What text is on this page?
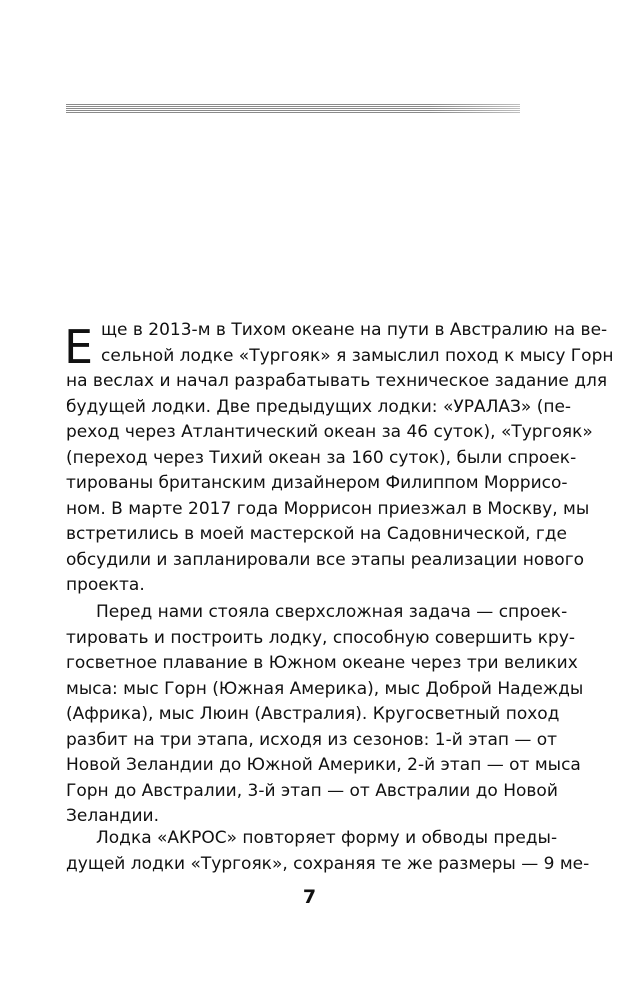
Е ще в 2013-м в Тихом океане на пути в Австралию на ве-
сельной лодке «Тургояк» я замыслил поход к мысу Горн
на веслах и начал разрабатывать техническое задание для
будущей лодки. Две предыдущих лодки: «УРАЛАЗ» (пе-
реход через Атлантический океан за 46 суток), «Тургояк»
(переход через Тихий океан за 160 суток), были спроек-
тированы британским дизайнером Филиппом Моррисо-
ном. В марте 2017 года Моррисон приезжал в Москву, мы
встретились в моей мастерской на Садовнической, где
обсудили и запланировали все этапы реализации нового
проекта.
Перед нами стояла сверхсложная задача — спроек-
тировать и построить лодку, способную совершить кру-
госветное плавание в Южном океане через три великих
мыса: мыс Горн (Южная Америка), мыс Доброй Надежды
(Африка), мыс Люин (Австралия). Кругосветный поход
разбит на три этапа, исходя из сезонов: 1-й этап — от
Новой Зеландии до Южной Америки, 2-й этап — от мыса
Горн до Австралии, 3-й этап — от Австралии до Новой
Зеландии.
Лодка «АКРОС» повторяет форму и обводы преды-
дущей лодки «Тургояк», сохраняя те же размеры — 9 ме-
7
